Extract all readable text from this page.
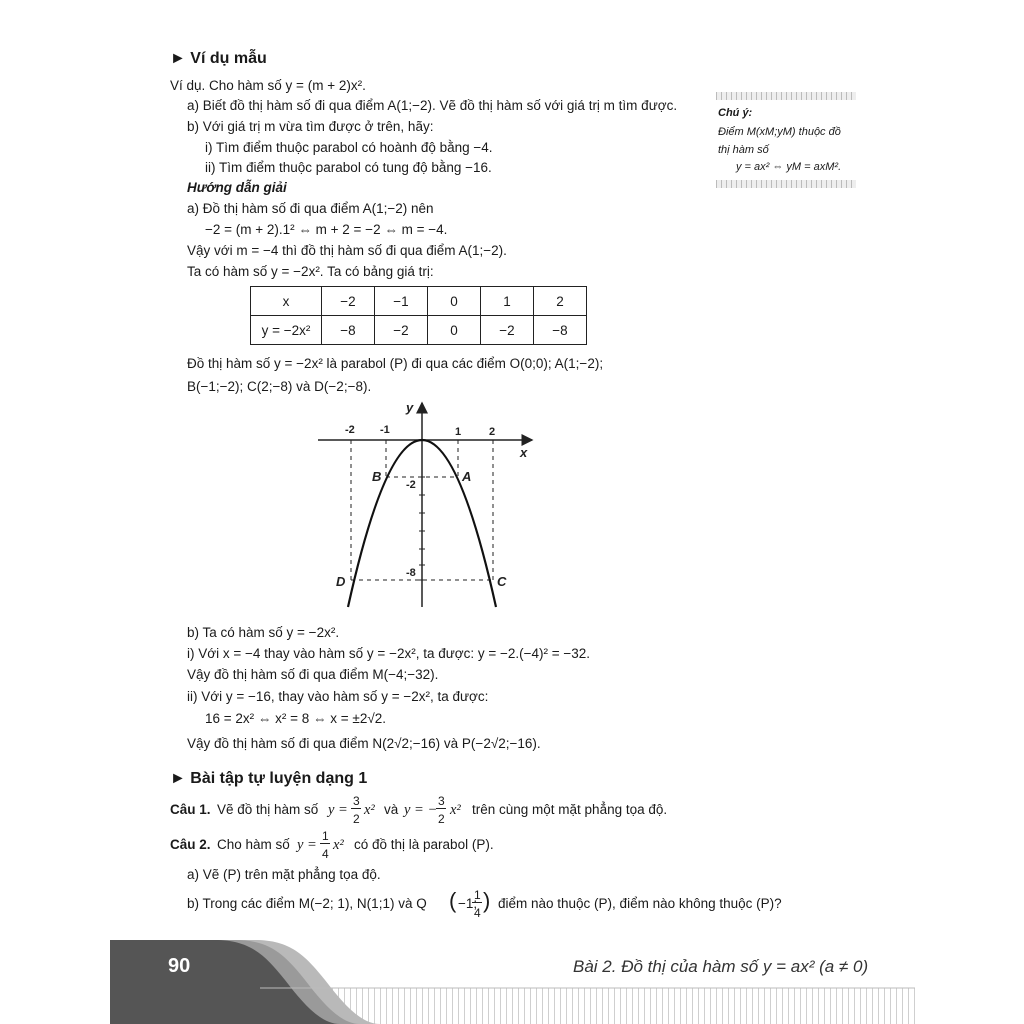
► Ví dụ mẫu
Ví dụ. Cho hàm số y = (m + 2)x².
a) Biết đồ thị hàm số đi qua điểm A(1;−2). Vẽ đồ thị hàm số với giá trị m tìm được.
b) Với giá trị m vừa tìm được ở trên, hãy:
i) Tìm điểm thuộc parabol có hoành độ bằng −4.
ii) Tìm điểm thuộc parabol có tung độ bằng −16.
Chú ý:
Điểm M(xM;yM) thuộc đồ
thị hàm số
y = ax² ⇔ yM = axM².
Hướng dẫn giải
a) Đồ thị hàm số đi qua điểm A(1;−2) nên
−2 = (m + 2).1² ⇔ m + 2 = −2 ⇔ m = −4.
Vậy với m = −4 thì đồ thị hàm số đi qua điểm A(1;−2).
Ta có hàm số y = −2x². Ta có bảng giá trị:
x	−2	−1	0	1	2
y = −2x²	−8	−2	0	−2	−8
Đồ thị hàm số y = −2x² là parabol (P) đi qua các điểm O(0;0); A(1;−2);
B(−1;−2); C(2;−8) và D(−2;−8).
-2 -1	1	2
-2
-8
x
y
B	A
D	C
b) Ta có hàm số y = −2x².
i) Với x = −4 thay vào hàm số y = −2x², ta được: y = −2.(−4)² = −32.
Vậy đồ thị hàm số đi qua điểm M(−4;−32).
ii) Với y = −16, thay vào hàm số y = −2x², ta được:
16 = 2x² ⇔ x² = 8 ⇔ x = ±2√2.
Vậy đồ thị hàm số đi qua điểm N(2√2;−16) và P(−2√2;−16).
► Bài tập tự luyện dạng 1
Câu 1. Vẽ đồ thị hàm số y =
3
2
x² và y = −
3
2
x² trên cùng một mặt phẳng tọa độ.
Câu 2. Cho hàm số y =
1
4
x² có đồ thị là parabol (P).
a) Vẽ (P) trên mặt phẳng tọa độ.
b) Trong các điểm M(−2; 1), N(1;1) và Q ( −1;
1
4 ) điểm nào thuộc (P), điểm nào không thuộc (P)?
90	Bài 2. Đồ thị của hàm số y = ax² (a ≠ 0)
